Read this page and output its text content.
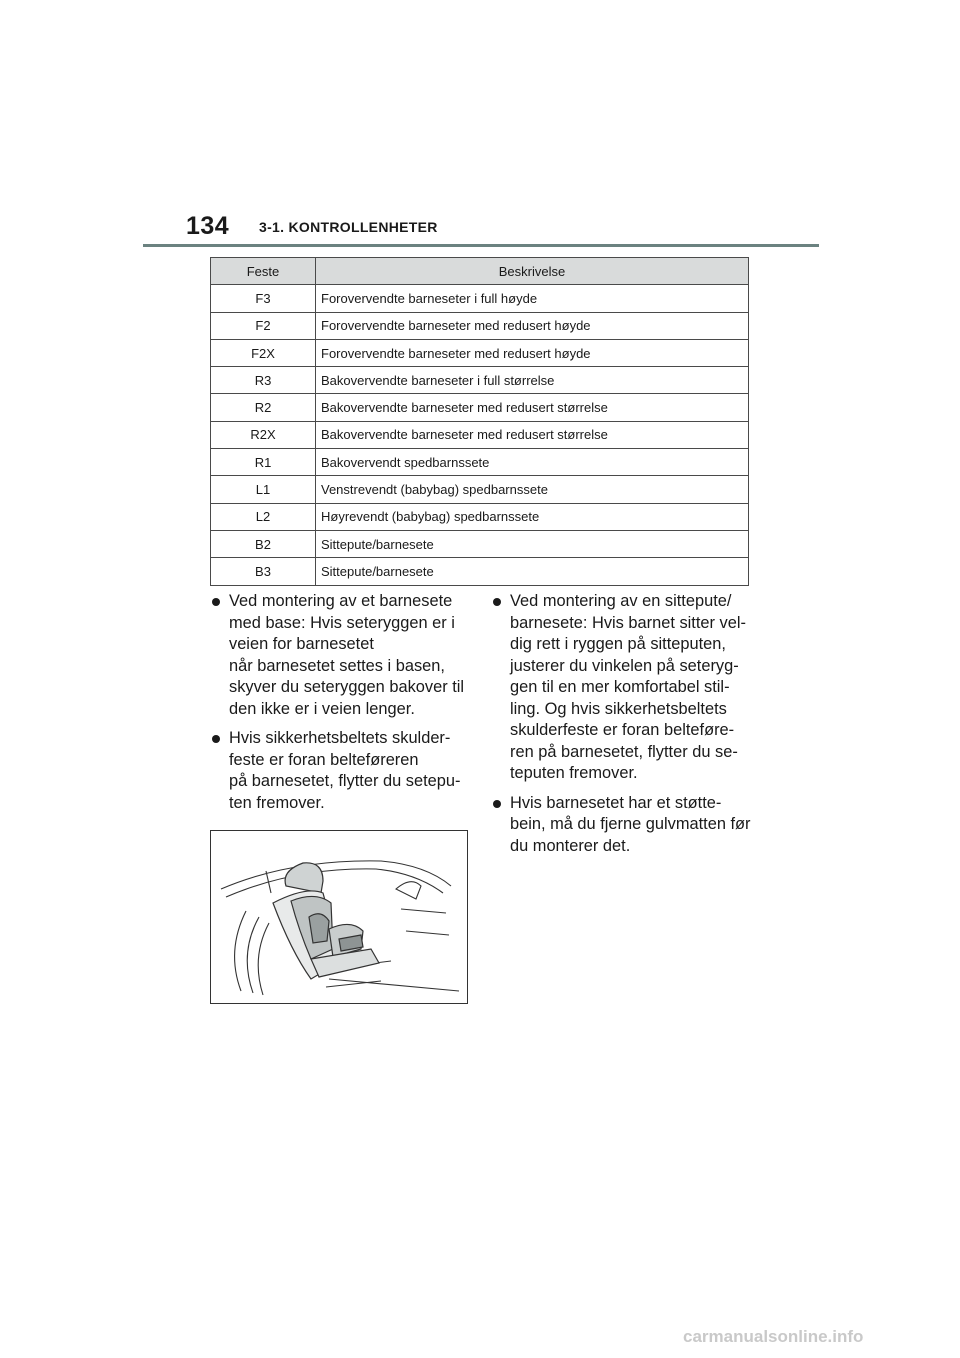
134 3-1. KONTROLLENHETER
Feste	Beskrivelse
F3	Forovervendte barneseter i full høyde
F2	Forovervendte barneseter med redusert høyde
F2X	Forovervendte barneseter med redusert høyde
R3	Bakovervendte barneseter i full størrelse
R2	Bakovervendte barneseter med redusert størrelse
R2X	Bakovervendte barneseter med redusert størrelse
R1	Bakovervendt spedbarnssete
L1	Venstrevendt (babybag) spedbarnssete
L2	Høyrevendt (babybag) spedbarnssete
B2	Sittepute/barnesete
B3	Sittepute/barnesete
Ved montering av et barnesete
med base: Hvis seteryggen er i
veien for barnesetet
når barnesetet settes i basen,
skyver du seteryggen bakover til
den ikke er i veien lenger.
Hvis sikkerhetsbeltets skulder-
feste er foran belteføreren
på barnesetet, flytter du setepu-
ten fremover.
Ved montering av en sittepute/
barnesete: Hvis barnet sitter vel-
dig rett i ryggen på sitteputen,
justerer du vinkelen på seteryg-
gen til en mer komfortabel stil-
ling. Og hvis sikkerhetsbeltets
skulderfeste er foran belteføre-
ren på barnesetet, flytter du se-
teputen fremover.
Hvis barnesetet har et støtte-
bein, må du fjerne gulvmatten før
du monterer det.
carmanualsonline.info
